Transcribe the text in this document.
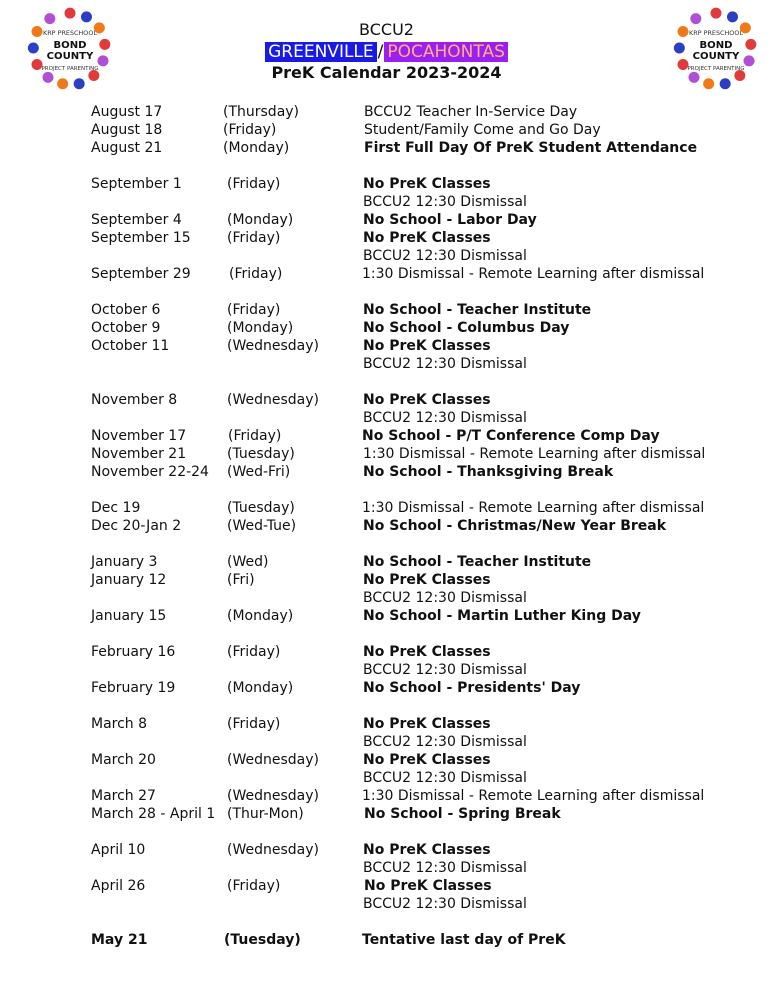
KRP PRESCHOOL
BOND
COUNTY
PROJECT PARENTING
KRP PRESCHOOL
BOND
COUNTY
PROJECT PARENTING
BCCU2
GREENVILLE / POCAHONTAS
PreK Calendar 2023-2024
August 17	(Thursday)	BCCU2 Teacher In-Service Day
August 18	(Friday)	Student/Family Come and Go Day
August 21	(Monday)	First Full Day Of PreK Student Attendance
September 1	(Friday)	No PreK Classes
BCCU2 12:30 Dismissal
September 4	(Monday)	No School - Labor Day
September 15	(Friday)	No PreK Classes
BCCU2 12:30 Dismissal
September 29	(Friday)	1:30 Dismissal - Remote Learning after dismissal
October 6	(Friday)	No School - Teacher Institute
October 9	(Monday)	No School - Columbus Day
October 11	(Wednesday)	No PreK Classes
BCCU2 12:30 Dismissal
November 8	(Wednesday)	No PreK Classes
BCCU2 12:30 Dismissal
November 17	(Friday)	No School - P/T Conference Comp Day
November 21	(Tuesday)	1:30 Dismissal - Remote Learning after dismissal
November 22-24 (Wed-Fri)	No School - Thanksgiving Break
Dec 19	(Tuesday)	1:30 Dismissal - Remote Learning after dismissal
Dec 20-Jan 2	(Wed-Tue)	No School - Christmas/New Year Break
January 3	(Wed)	No School - Teacher Institute
January 12	(Fri)	No PreK Classes
BCCU2 12:30 Dismissal
January 15	(Monday)	No School - Martin Luther King Day
February 16	(Friday)	No PreK Classes
BCCU2 12:30 Dismissal
February 19	(Monday)	No School - Presidents' Day
March 8	(Friday)	No PreK Classes
BCCU2 12:30 Dismissal
March 20	(Wednesday)	No PreK Classes
BCCU2 12:30 Dismissal
March 27	(Wednesday)	1:30 Dismissal - Remote Learning after dismissal
March 28 - April 1 (Thur-Mon)	No School - Spring Break
April 10	(Wednesday)	No PreK Classes
BCCU2 12:30 Dismissal
April 26	(Friday)	No PreK Classes
BCCU2 12:30 Dismissal
May 21	(Tuesday)	Tentative last day of PreK
